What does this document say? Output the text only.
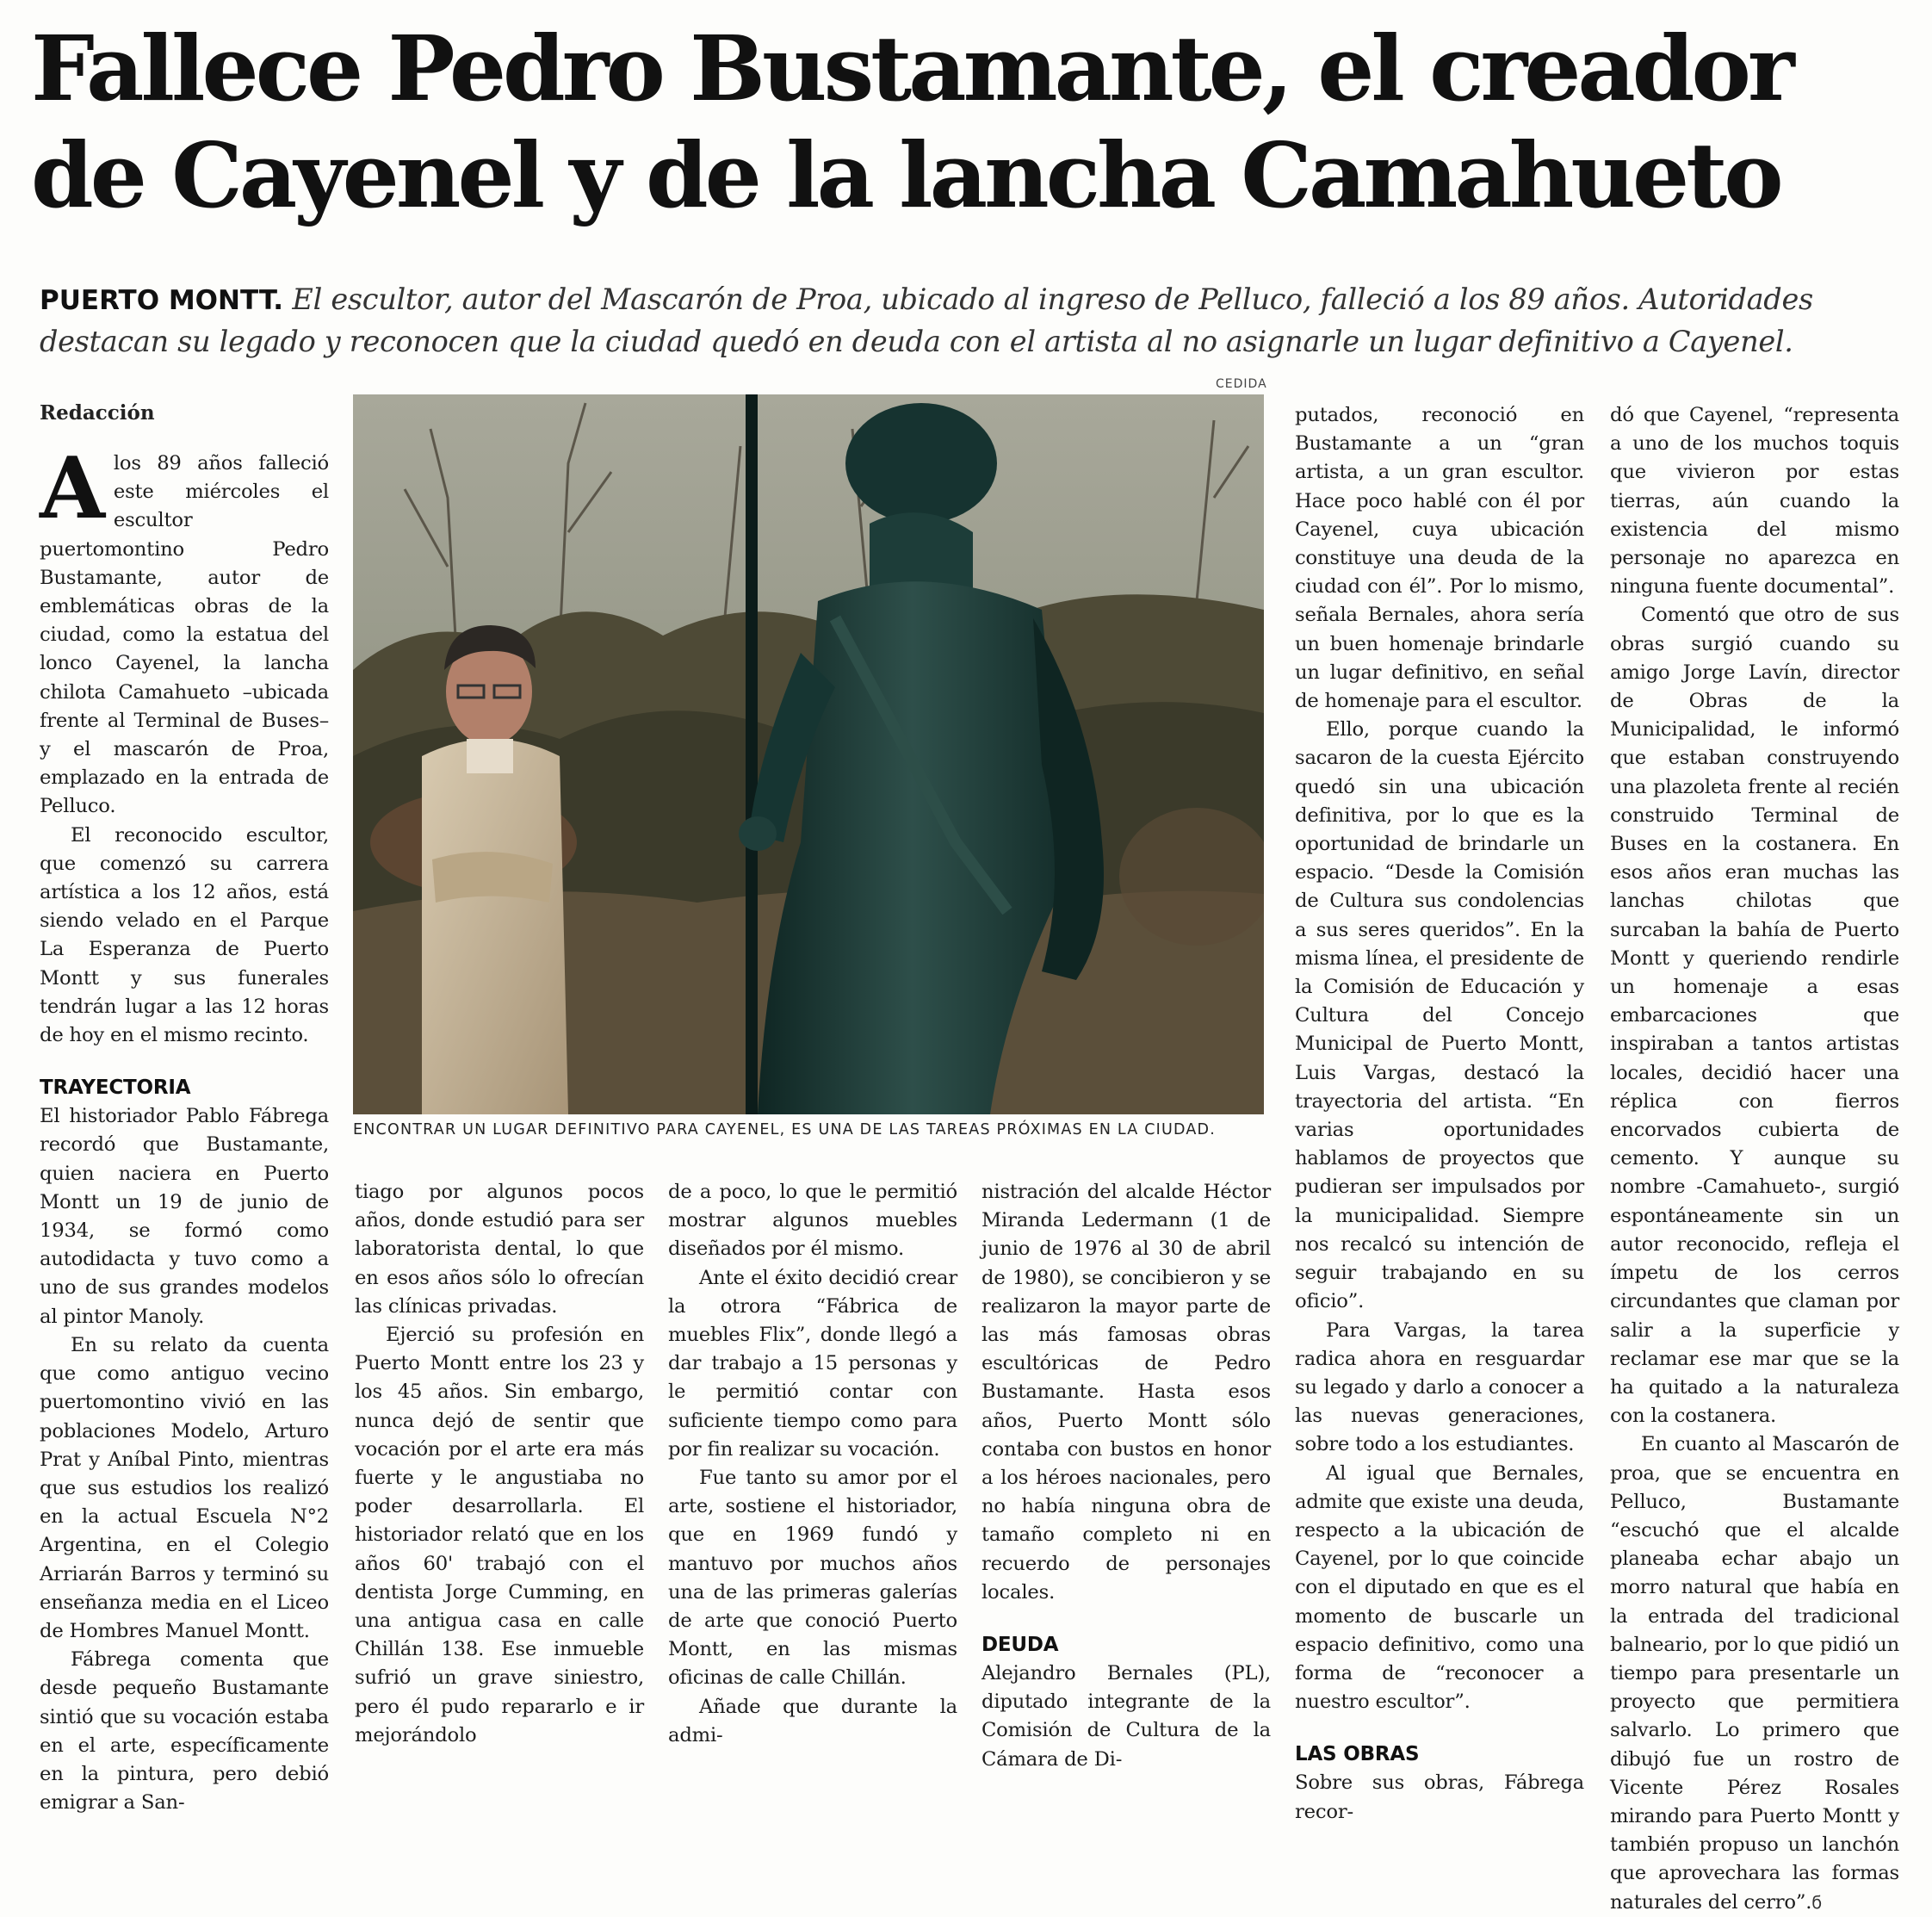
Fallece Pedro Bustamante, el creador de Cayenel y de la lancha Camahueto
PUERTO MONTT. El escultor, autor del Mascarón de Proa, ubicado al ingreso de Pelluco, falleció a los 89 años. Autoridades destacan su legado y reconocen que la ciudad quedó en deuda con el artista al no asignarle un lugar definitivo a Cayenel.
CEDIDA
ENCONTRAR UN LUGAR DEFINITIVO PARA CAYENEL, ES UNA DE LAS TAREAS PRÓXIMAS EN LA CIUDAD.
Redacción

Alos 89 años falleció este miércoles el escultor puertomontino Pedro Bustamante, autor de emblemáticas obras de la ciudad, como la estatua del lonco Cayenel, la lancha chilota Camahueto –ubicada frente al Terminal de Buses– y el mascarón de Proa, emplazado en la entrada de Pelluco.

El reconocido escultor, que comenzó su carrera artística a los 12 años, está siendo velado en el Parque La Esperanza de Puerto Montt y sus funerales tendrán lugar a las 12 horas de hoy en el mismo recinto.

TRAYECTORIA

El historiador Pablo Fábrega recordó que Bustamante, quien naciera en Puerto Montt un 19 de junio de 1934, se formó como autodidacta y tuvo como a uno de sus grandes modelos al pintor Manoly.

En su relato da cuenta que como antiguo vecino puertomontino vivió en las poblaciones Modelo, Arturo Prat y Aníbal Pinto, mientras que sus estudios los realizó en la actual Escuela N°2 Argentina, en el Colegio Arriarán Barros y terminó su enseñanza media en el Liceo de Hombres Manuel Montt.

Fábrega comenta que desde pequeño Bustamante sintió que su vocación estaba en el arte, específicamente en la pintura, pero debió emigrar a San-

tiago por algunos pocos años, donde estudió para ser laboratorista dental, lo que en esos años sólo lo ofrecían las clínicas privadas.

Ejerció su profesión en Puerto Montt entre los 23 y los 45 años. Sin embargo, nunca dejó de sentir que vocación por el arte era más fuerte y le angustiaba no poder desarrollarla. El historiador relató que en los años 60' trabajó con el dentista Jorge Cumming, en una antigua casa en calle Chillán 138. Ese inmueble sufrió un grave siniestro, pero él pudo repararlo e ir mejorándolo

de a poco, lo que le permitió mostrar algunos muebles diseñados por él mismo.

Ante el éxito decidió crear la otrora “Fábrica de muebles Flix”, donde llegó a dar trabajo a 15 personas y le permitió contar con suficiente tiempo como para por fin realizar su vocación.

Fue tanto su amor por el arte, sostiene el historiador, que en 1969 fundó y mantuvo por muchos años una de las primeras galerías de arte que conoció Puerto Montt, en las mismas oficinas de calle Chillán.

Añade que durante la admi-

nistración del alcalde Héctor Miranda Ledermann (1 de junio de 1976 al 30 de abril de 1980), se concibieron y se realizaron la mayor parte de las más famosas obras escultóricas de Pedro Bustamante. Hasta esos años, Puerto Montt sólo contaba con bustos en honor a los héroes nacionales, pero no había ninguna obra de tamaño completo ni en recuerdo de personajes locales.

DEUDA

Alejandro Bernales (PL), diputado integrante de la Comisión de Cultura de la Cámara de Di-

putados, reconoció en Bustamante a un “gran artista, a un gran escultor. Hace poco hablé con él por Cayenel, cuya ubicación constituye una deuda de la ciudad con él”. Por lo mismo, señala Bernales, ahora sería un buen homenaje brindarle un lugar definitivo, en señal de homenaje para el escultor.

Ello, porque cuando la sacaron de la cuesta Ejército quedó sin una ubicación definitiva, por lo que es la oportunidad de brindarle un espacio. “Desde la Comisión de Cultura sus condolencias a sus seres queridos”. En la misma línea, el presidente de la Comisión de Educación y Cultura del Concejo Municipal de Puerto Montt, Luis Vargas, destacó la trayectoria del artista. “En varias oportunidades hablamos de proyectos que pudieran ser impulsados por la municipalidad. Siempre nos recalcó su intención de seguir trabajando en su oficio”.

Para Vargas, la tarea radica ahora en resguardar su legado y darlo a conocer a las nuevas generaciones, sobre todo a los estudiantes.

Al igual que Bernales, admite que existe una deuda, respecto a la ubicación de Cayenel, por lo que coincide con el diputado en que es el momento de buscarle un espacio definitivo, como una forma de “reconocer a nuestro escultor”.

LAS OBRAS

Sobre sus obras, Fábrega recor-

dó que Cayenel, “representa a uno de los muchos toquis que vivieron por estas tierras, aún cuando la existencia del mismo personaje no aparezca en ninguna fuente documental”.

Comentó que otro de sus obras surgió cuando su amigo Jorge Lavín, director de Obras de la Municipalidad, le informó que estaban construyendo una plazoleta frente al recién construido Terminal de Buses en la costanera. En esos años eran muchas las lanchas chilotas que surcaban la bahía de Puerto Montt y queriendo rendirle un homenaje a esas embarcaciones que inspiraban a tantos artistas locales, decidió hacer una réplica con fierros encorvados cubierta de cemento. Y aunque su nombre -Camahueto-, surgió espontáneamente sin un autor reconocido, refleja el ímpetu de los cerros circundantes que claman por salir a la superficie y reclamar ese mar que se la ha quitado a la naturaleza con la costanera.

En cuanto al Mascarón de proa, que se encuentra en Pelluco, Bustamante “escuchó que el alcalde planeaba echar abajo un morro natural que había en la entrada del tradicional balneario, por lo que pidió un tiempo para presentarle un proyecto que permitiera salvarlo. Lo primero que dibujó fue un rostro de Vicente Pérez Rosales mirando para Puerto Montt y también propuso un lanchón que aprovechara las formas naturales del cerro”.ϭ
